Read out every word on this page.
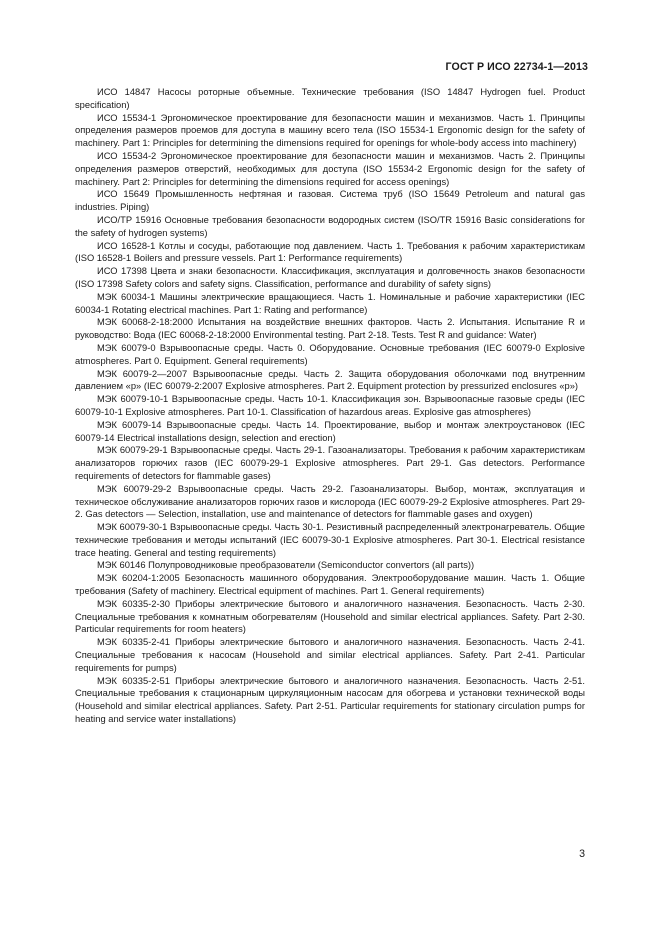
ГОСТ Р ИСО 22734-1—2013

ИСО 14847 Насосы роторные объемные. Технические требования (ISO 14847 Hydrogen fuel. Product specification)

ИСО 15534-1 Эргономическое проектирование для безопасности машин и механизмов. Часть 1. Принципы определения размеров проемов для доступа в машину всего тела (ISO 15534-1 Ergonomic design for the safety of machinery. Part 1: Principles for determining the dimensions required for openings for whole-body access into machinery)

ИСО 15534-2 Эргономическое проектирование для безопасности машин и механизмов. Часть 2. Принципы определения размеров отверстий, необходимых для доступа (ISO 15534-2 Ergonomic design for the safety of machinery. Part 2: Principles for determining the dimensions required for access openings)

ИСО 15649 Промышленность нефтяная и газовая. Система труб (ISO 15649 Petroleum and natural gas industries. Piping)

ИСО/ТР 15916 Основные требования безопасности водородных систем (ISO/TR 15916 Basic considerations for the safety of hydrogen systems)

ИСО 16528-1 Котлы и сосуды, работающие под давлением. Часть 1. Требования к рабочим характеристикам (ISO 16528-1 Boilers and pressure vessels. Part 1: Performance requirements)

ИСО 17398 Цвета и знаки безопасности. Классификация, эксплуатация и долговечность знаков безопасности (ISO 17398 Safety colors and safety signs. Classification, performance and durability of safety signs)

МЭК 60034-1 Машины электрические вращающиеся. Часть 1. Номинальные и рабочие характеристики (IEC 60034-1 Rotating electrical machines. Part 1: Rating and performance)

МЭК 60068-2-18:2000 Испытания на воздействие внешних факторов. Часть 2. Испытания. Испытание R и руководство: Вода (IEC 60068-2-18:2000 Environmental testing. Part 2-18. Tests. Test R and guidance: Water)

МЭК 60079-0 Взрывоопасные среды. Часть 0. Оборудование. Основные требования (IEC 60079-0 Explosive atmospheres. Part 0. Equipment. General requirements)

МЭК 60079-2—2007 Взрывоопасные среды. Часть 2. Защита оборудования оболочками под внутренним давлением «р» (IEC 60079-2:2007 Explosive atmospheres. Part 2. Equipment protection by pressurized enclosures «р»)

МЭК 60079-10-1 Взрывоопасные среды. Часть 10-1. Классификация зон. Взрывоопасные газовые среды (IEC 60079-10-1 Explosive atmospheres. Part 10-1. Classification of hazardous areas. Explosive gas atmospheres)

МЭК 60079-14 Взрывоопасные среды. Часть 14. Проектирование, выбор и монтаж электроустановок (IEC 60079-14 Electrical installations design, selection and erection)

МЭК 60079-29-1 Взрывоопасные среды. Часть 29-1. Газоанализаторы. Требования к рабочим характеристикам анализаторов горючих газов (IEC 60079-29-1 Explosive atmospheres. Part 29-1. Gas detectors. Performance requirements of detectors for flammable gases)

МЭК 60079-29-2 Взрывоопасные среды. Часть 29-2. Газоанализаторы. Выбор, монтаж, эксплуатация и техническое обслуживание анализаторов горючих газов и кислорода (IEC 60079-29-2 Explosive atmospheres. Part 29-2. Gas detectors — Selection, installation, use and maintenance of detectors for flammable gases and oxygen)

МЭК 60079-30-1 Взрывоопасные среды. Часть 30-1. Резистивный распределенный электронагреватель. Общие технические требования и методы испытаний (IEC 60079-30-1 Explosive atmospheres. Part 30-1. Electrical resistance trace heating. General and testing requirements)

МЭК 60146 Полупроводниковые преобразователи (Semiconductor convertors (all parts))

МЭК 60204-1:2005 Безопасность машинного оборудования. Электрооборудование машин. Часть 1. Общие требования (Safety of machinery. Electrical equipment of machines. Part 1. General requirements)

МЭК 60335-2-30 Приборы электрические бытового и аналогичного назначения. Безопасность. Часть 2-30. Специальные требования к комнатным обогревателям (Household and similar electrical appliances. Safety. Part 2-30. Particular requirements for room heaters)

МЭК 60335-2-41 Приборы электрические бытового и аналогичного назначения. Безопасность. Часть 2-41. Специальные требования к насосам (Household and similar electrical appliances. Safety. Part 2-41. Particular requirements for pumps)

МЭК 60335-2-51 Приборы электрические бытового и аналогичного назначения. Безопасность. Часть 2-51. Специальные требования к стационарным циркуляционным насосам для обогрева и установки технической воды (Household and similar electrical appliances. Safety. Part 2-51. Particular requirements for stationary circulation pumps for heating and service water installations)

3
